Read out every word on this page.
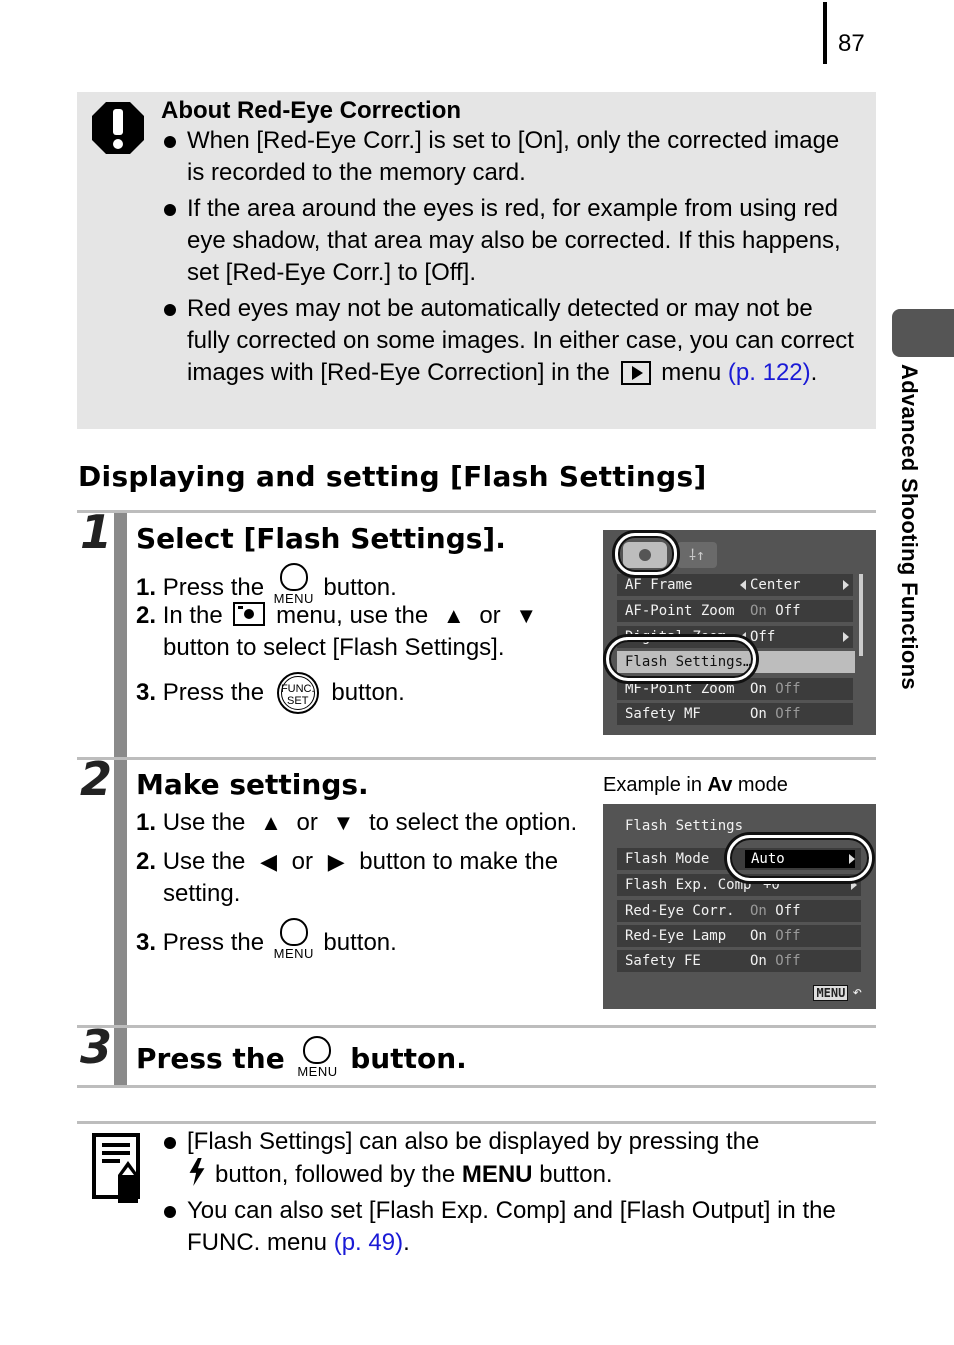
87
Advanced Shooting Functions
About Red-Eye Correction
When [Red-Eye Corr.] is set to [On], only the corrected image is recorded to the memory card.
If the area around the eyes is red, for example from using red eye shadow, that area may also be corrected. If this happens, set [Red-Eye Corr.] to [Off].
Red eyes may not be automatically detected or may not be fully corrected on some images. In either case, you can correct images with [Red-Eye Correction] in the menu (p. 122).
Displaying and setting [Flash Settings]
1 Select [Flash Settings].
1. Press the MENU button.
2. In the menu, use the ▲ or ▼
button to select [Flash Settings].
3. Press the FUNC.
SET button.
⸸↑
AF Frame	Center
AF-Point Zoom On Off
Digital Zoom Off
Flash Settings…
MF-Point Zoom On Off
Safety MF	On Off
2 Make settings.
1. Use the ▲ or ▼ to select the option.
2. Use the ◀ or ▶ button to make the
setting.
3. Press the MENU button.
Example in Av mode
Flash Settings
Flash Mode	Auto
Flash Exp. Comp +0
Red-Eye Corr. On Off
Red-Eye Lamp On Off
Safety FE	On Off
MENU ↶
3 Press the MENU button.
[Flash Settings] can also be displayed by pressing the
button, followed by the MENU button.
You can also set [Flash Exp. Comp] and [Flash Output] in the FUNC. menu (p. 49).
